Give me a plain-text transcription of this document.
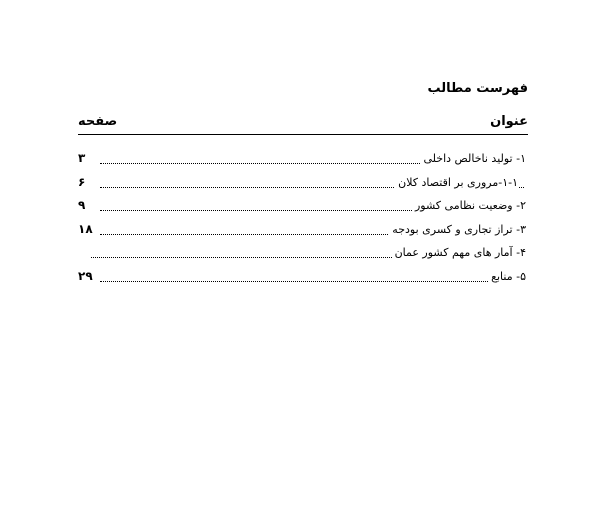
فهرست مطالب
عنوان
صفحه
۱- تولید ناخالص داخلی
۳
۱-۱-مروری بر اقتصاد کلان
۶
۲- وضعیت نظامی کشور
۹
۳- تراز تجاری و کسری بودجه
۱۸
۴- آمار های مهم کشور عمان
۵- منابع
۲۹
